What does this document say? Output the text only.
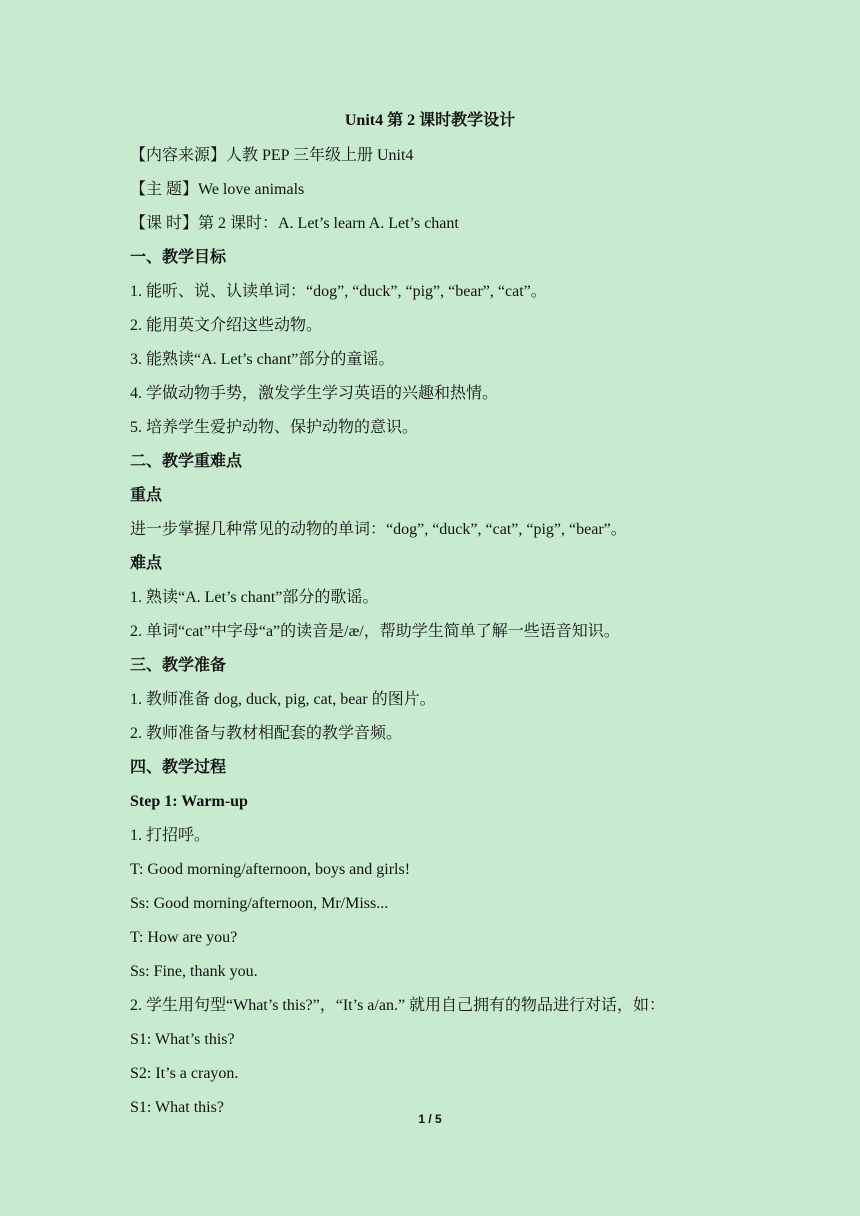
Unit4 第 2 课时教学设计
【内容来源】人教 PEP 三年级上册 Unit4
【主 题】We love animals
【课 时】第 2 课时：A. Let’s learn A. Let’s chant
一、教学目标
1. 能听、说、认读单词：“dog”, “duck”, “pig”, “bear”, “cat”。
2. 能用英文介绍这些动物。
3. 能熟读“A. Let’s chant”部分的童谣。
4. 学做动物手势，激发学生学习英语的兴趣和热情。
5. 培养学生爱护动物、保护动物的意识。
二、教学重难点
重点
进一步掌握几种常见的动物的单词：“dog”, “duck”, “cat”, “pig”, “bear”。
难点
1. 熟读“A. Let’s chant”部分的歌谣。
2. 单词“cat”中字母“a”的读音是/æ/，帮助学生简单了解一些语音知识。
三、教学准备
1. 教师准备 dog, duck, pig, cat, bear 的图片。
2. 教师准备与教材相配套的教学音频。
四、教学过程
Step 1: Warm-up
1. 打招呼。
T: Good morning/afternoon, boys and girls!
Ss: Good morning/afternoon, Mr/Miss...
T: How are you?
Ss: Fine, thank you.
2. 学生用句型“What’s this?”，“It’s a/an.” 就用自己拥有的物品进行对话，如：
S1: What’s this?
S2: It’s a crayon.
S1: What this?
1 / 5
